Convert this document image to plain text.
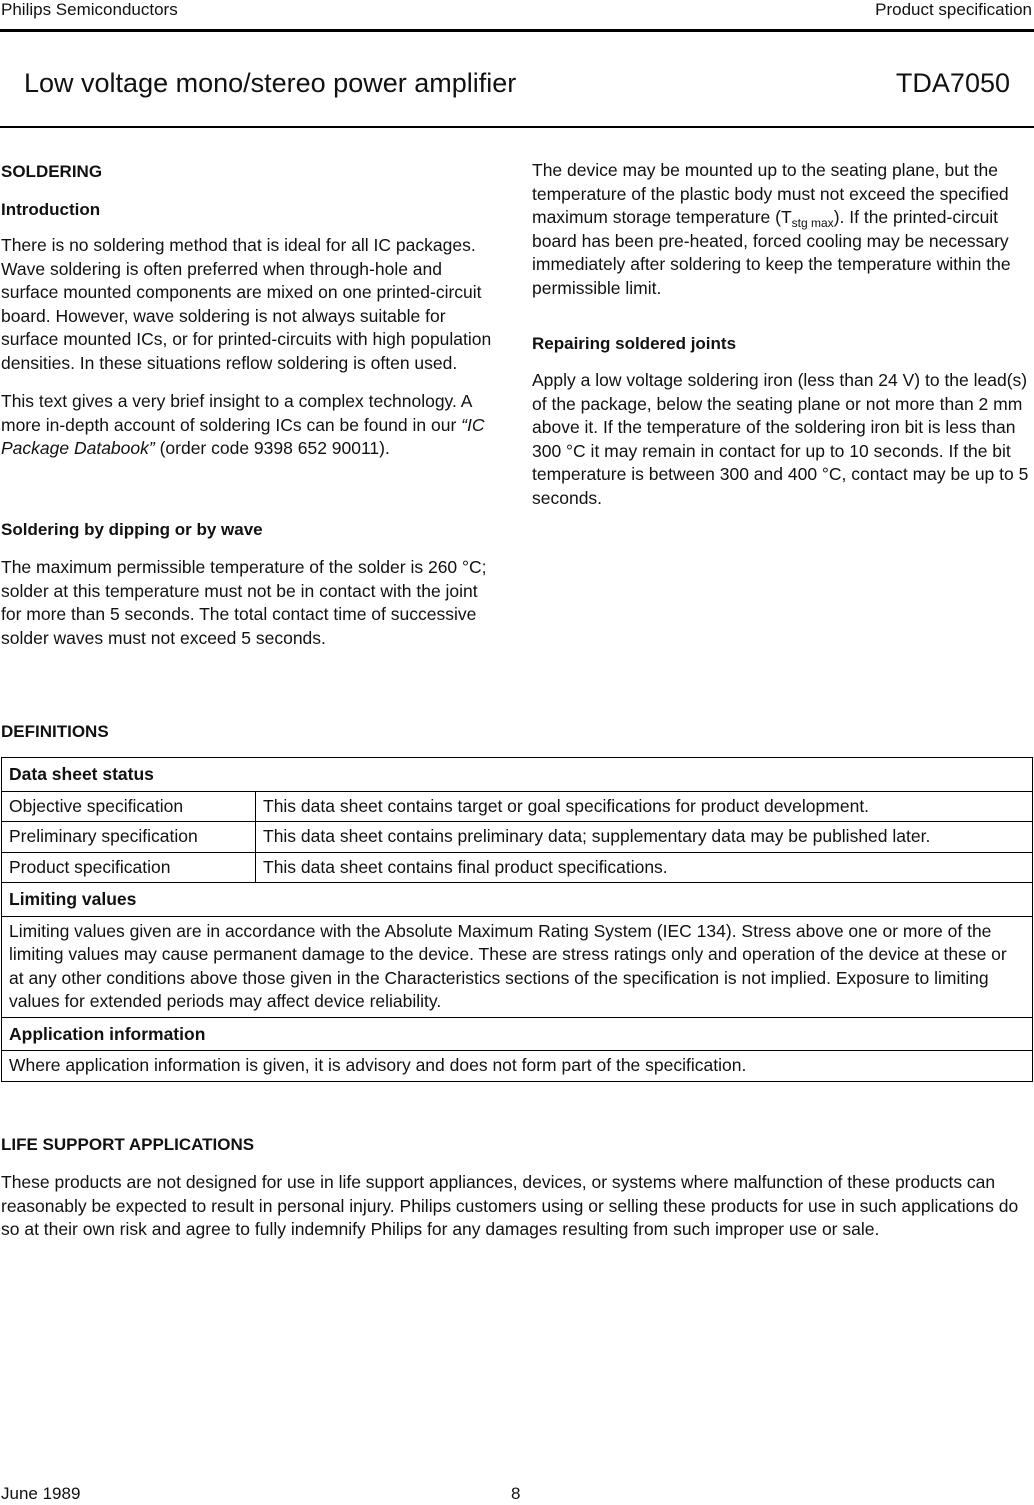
Philips Semiconductors	Product specification
Low voltage mono/stereo power amplifier	TDA7050
SOLDERING
Introduction
There is no soldering method that is ideal for all IC packages. Wave soldering is often preferred when through-hole and surface mounted components are mixed on one printed-circuit board. However, wave soldering is not always suitable for surface mounted ICs, or for printed-circuits with high population densities. In these situations reflow soldering is often used.
This text gives a very brief insight to a complex technology. A more in-depth account of soldering ICs can be found in our “IC Package Databook” (order code 9398 652 90011).
Soldering by dipping or by wave
The maximum permissible temperature of the solder is 260 °C; solder at this temperature must not be in contact with the joint for more than 5 seconds. The total contact time of successive solder waves must not exceed 5 seconds.
The device may be mounted up to the seating plane, but the temperature of the plastic body must not exceed the specified maximum storage temperature $(T_{stg max})$. If the printed-circuit board has been pre-heated, forced cooling may be necessary immediately after soldering to keep the temperature within the permissible limit.
Repairing soldered joints
Apply a low voltage soldering iron (less than 24 V) to the lead(s) of the package, below the seating plane or not more than 2 mm above it. If the temperature of the soldering iron bit is less than 300 °C it may remain in contact for up to 10 seconds. If the bit temperature is between 300 and 400 °C, contact may be up to 5 seconds.
DEFINITIONS
Data sheet status	
Objective specification	This data sheet contains target or goal specifications for product development.
Preliminary specification	This data sheet contains preliminary data; supplementary data may be published later.
Product specification	This data sheet contains final product specifications.
Limiting values	
Limiting values given are in accordance with the Absolute Maximum Rating System (IEC 134). Stress above one or more of the limiting values may cause permanent damage to the device. These are stress ratings only and operation of the device at these or at any other conditions above those given in the Characteristics sections of the specification is not implied. Exposure to limiting values for extended periods may affect device reliability.	
Application information	
Where application information is given, it is advisory and does not form part of the specification.	
LIFE SUPPORT APPLICATIONS
These products are not designed for use in life support appliances, devices, or systems where malfunction of these products can reasonably be expected to result in personal injury. Philips customers using or selling these products for use in such applications do so at their own risk and agree to fully indemnify Philips for any damages resulting from such improper use or sale.
June 1989	8
